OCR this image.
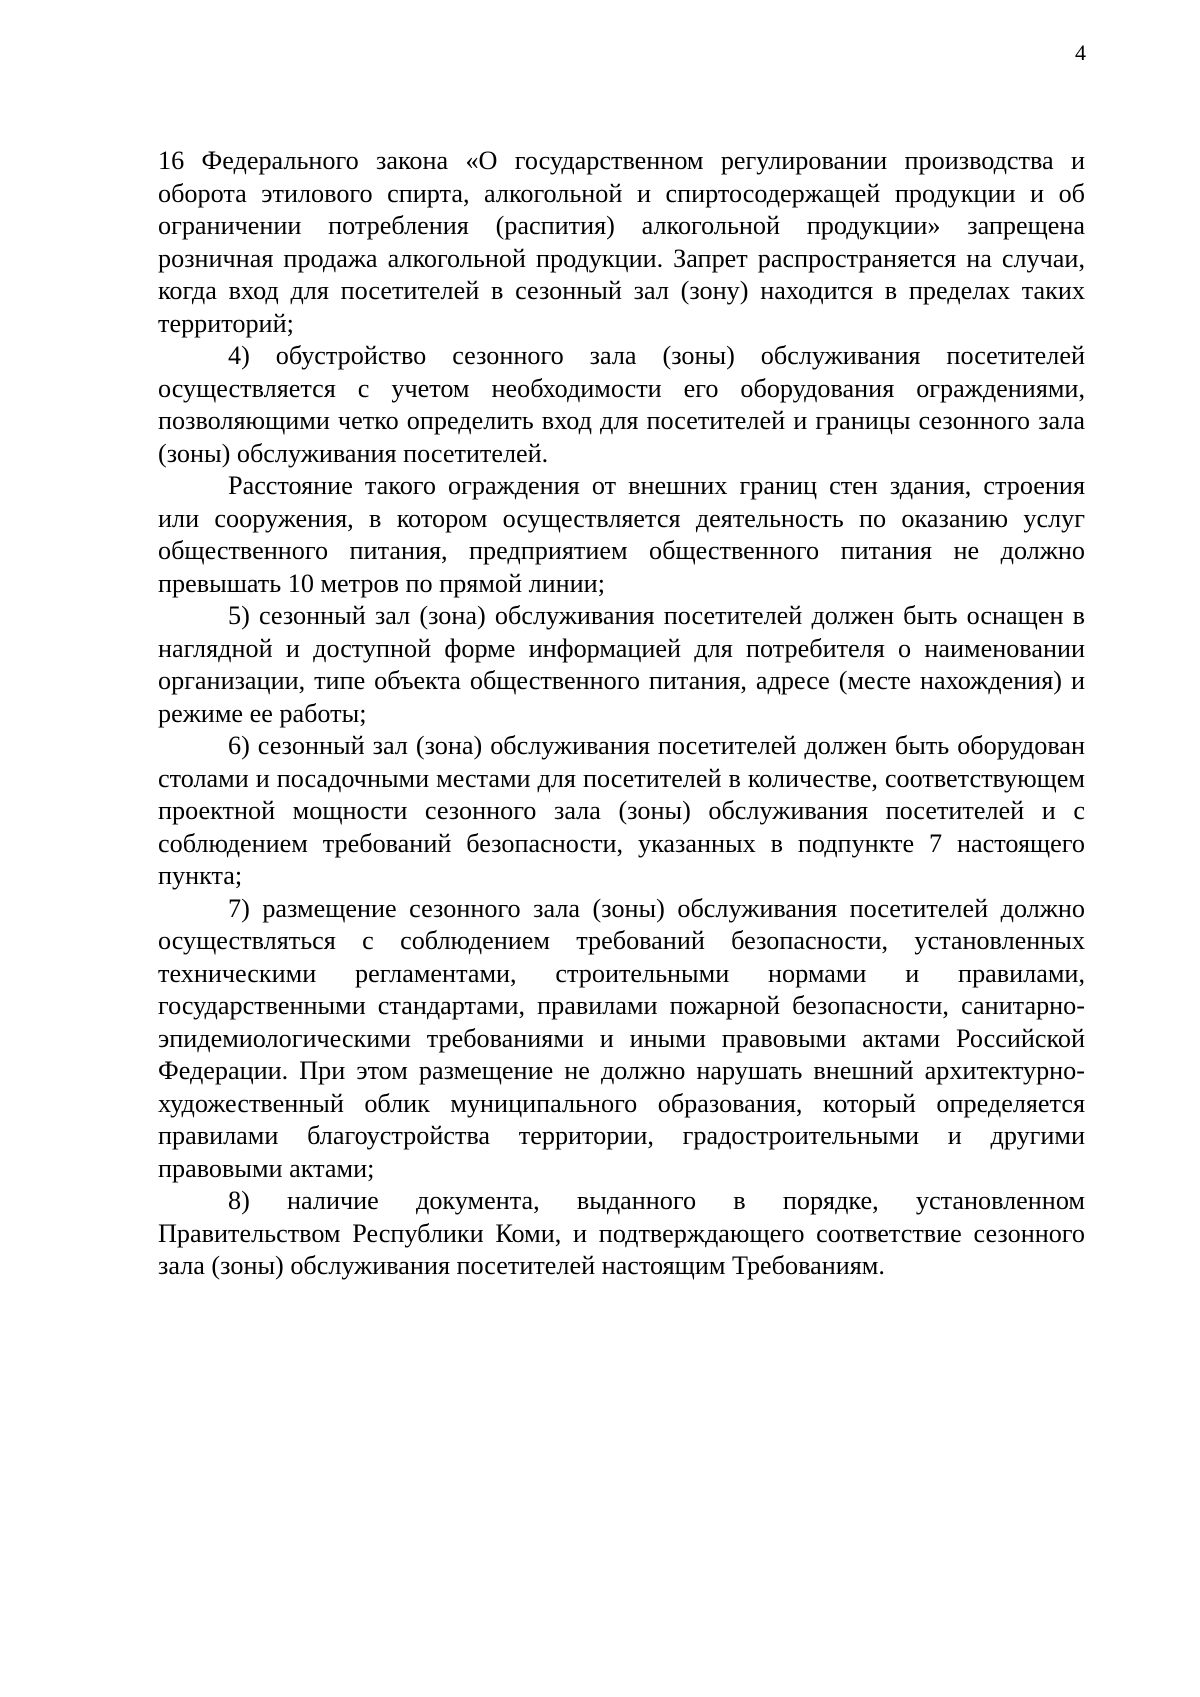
4

16 Федерального закона «О государственном регулировании производства и оборота этилового спирта, алкогольной и спиртосодержащей продукции и об ограничении потребления (распития) алкогольной продукции» запрещена розничная продажа алкогольной продукции. Запрет распространяется на случаи, когда вход для посетителей в сезонный зал (зону) находится в пределах таких территорий;

4) обустройство сезонного зала (зоны) обслуживания посетителей осуществляется с учетом необходимости его оборудования ограждениями, позволяющими четко определить вход для посетителей и границы сезонного зала (зоны) обслуживания посетителей.

Расстояние такого ограждения от внешних границ стен здания, строения или сооружения, в котором осуществляется деятельность по оказанию услуг общественного питания, предприятием общественного питания не должно превышать 10 метров по прямой линии;

5) сезонный зал (зона) обслуживания посетителей должен быть оснащен в наглядной и доступной форме информацией для потребителя о наименовании организации, типе объекта общественного питания, адресе (месте нахождения) и режиме ее работы;

6) сезонный зал (зона) обслуживания посетителей должен быть оборудован столами и посадочными местами для посетителей в количестве, соответствующем проектной мощности сезонного зала (зоны) обслуживания посетителей и с соблюдением требований безопасности, указанных в подпункте 7 настоящего пункта;

7) размещение сезонного зала (зоны) обслуживания посетителей должно осуществляться с соблюдением требований безопасности, установленных техническими регламентами, строительными нормами и правилами, государственными стандартами, правилами пожарной безопасности, санитарно-эпидемиологическими требованиями и иными правовыми актами Российской Федерации. При этом размещение не должно нарушать внешний архитектурно-художественный облик муниципального образования, который определяется правилами благоустройства территории, градостроительными и другими правовыми актами;

8) наличие документа, выданного в порядке, установленном Правительством Республики Коми, и подтверждающего соответствие сезонного зала (зоны) обслуживания посетителей настоящим Требованиям.
